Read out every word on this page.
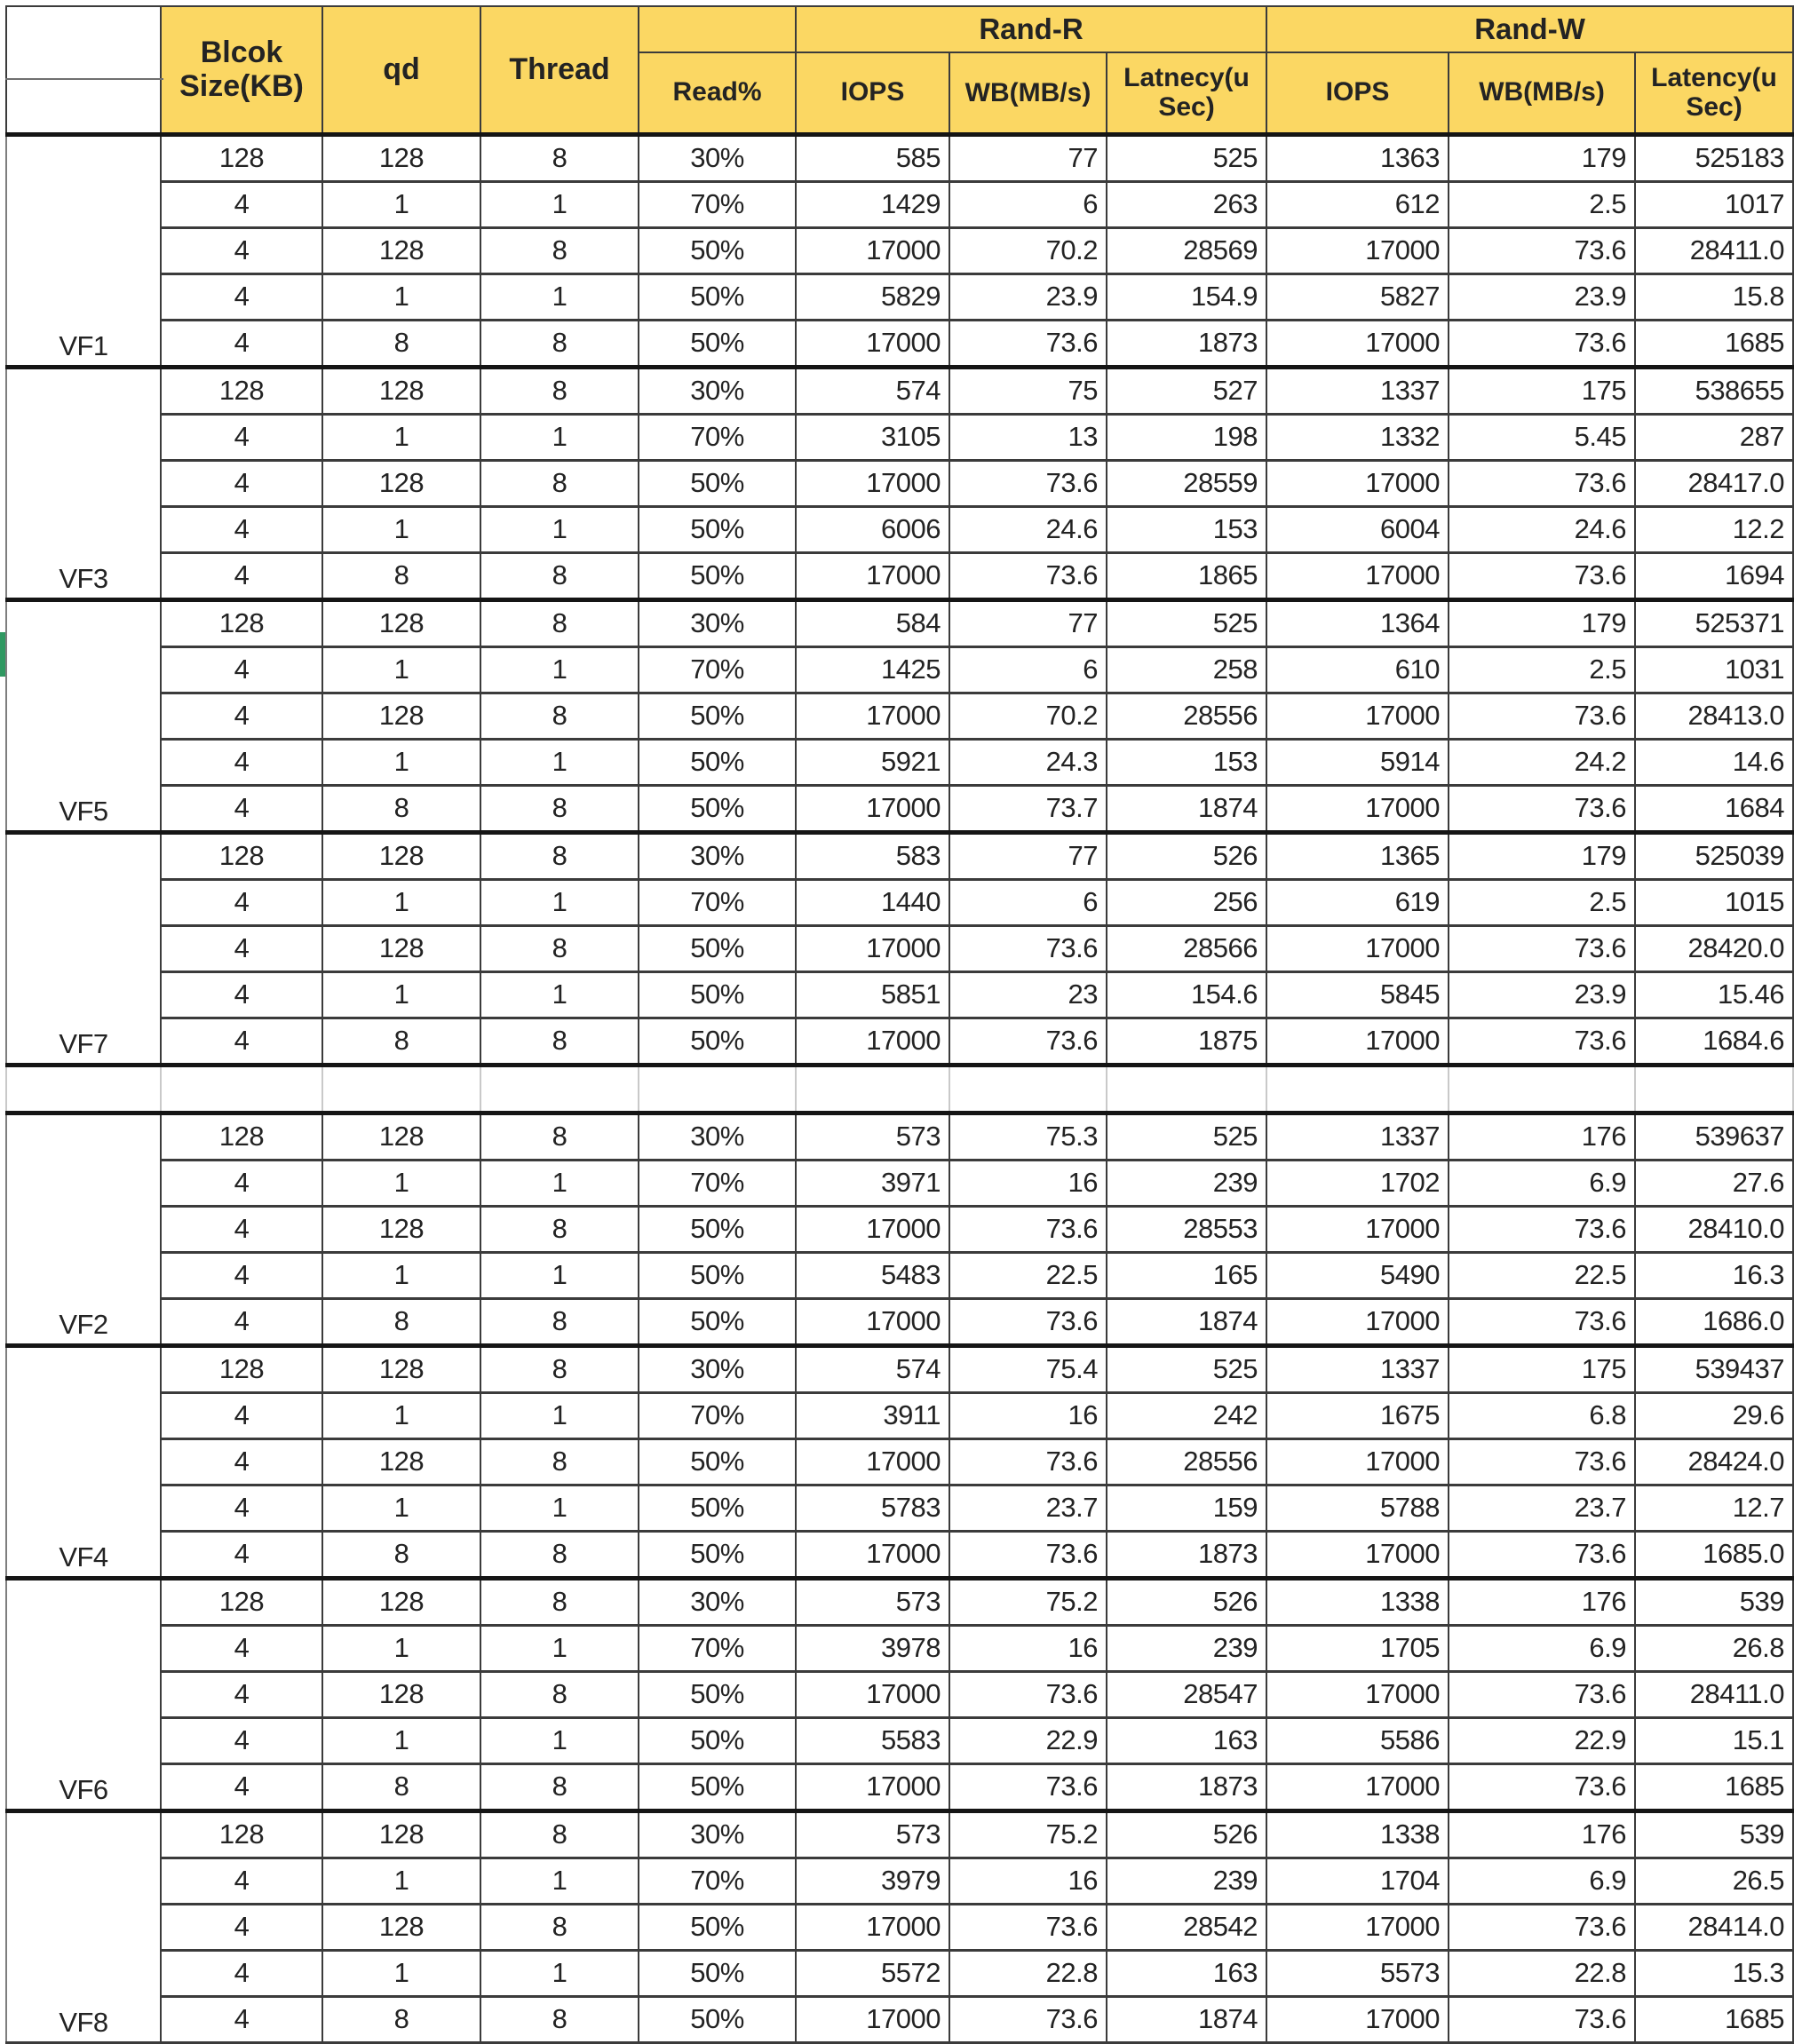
	Blcok Size(KB)	qd	Thread		Rand-R			Rand-W		
				Read%	IOPS	WB(MB/s)	Latnecy(uSec)	IOPS	WB(MB/s)	Latency(uSec)
VF1	128	128	8	30%	585	77	525	1363	179	525183
	4	1	1	70%	1429	6	263	612	2.5	1017
	4	128	8	50%	17000	70.2	28569	17000	73.6	28411.0
	4	1	1	50%	5829	23.9	154.9	5827	23.9	15.8
	4	8	8	50%	17000	73.6	1873	17000	73.6	1685
VF3	128	128	8	30%	574	75	527	1337	175	538655
	4	1	1	70%	3105	13	198	1332	5.45	287
	4	128	8	50%	17000	73.6	28559	17000	73.6	28417.0
	4	1	1	50%	6006	24.6	153	6004	24.6	12.2
	4	8	8	50%	17000	73.6	1865	17000	73.6	1694
VF5	128	128	8	30%	584	77	525	1364	179	525371
	4	1	1	70%	1425	6	258	610	2.5	1031
	4	128	8	50%	17000	70.2	28556	17000	73.6	28413.0
	4	1	1	50%	5921	24.3	153	5914	24.2	14.6
	4	8	8	50%	17000	73.7	1874	17000	73.6	1684
VF7	128	128	8	30%	583	77	526	1365	179	525039
	4	1	1	70%	1440	6	256	619	2.5	1015
	4	128	8	50%	17000	73.6	28566	17000	73.6	28420.0
	4	1	1	50%	5851	23	154.6	5845	23.9	15.46
	4	8	8	50%	17000	73.6	1875	17000	73.6	1684.6

VF2	128	128	8	30%	573	75.3	525	1337	176	539637
	4	1	1	70%	3971	16	239	1702	6.9	27.6
	4	128	8	50%	17000	73.6	28553	17000	73.6	28410.0
	4	1	1	50%	5483	22.5	165	5490	22.5	16.3
	4	8	8	50%	17000	73.6	1874	17000	73.6	1686.0
VF4	128	128	8	30%	574	75.4	525	1337	175	539437
	4	1	1	70%	3911	16	242	1675	6.8	29.6
	4	128	8	50%	17000	73.6	28556	17000	73.6	28424.0
	4	1	1	50%	5783	23.7	159	5788	23.7	12.7
	4	8	8	50%	17000	73.6	1873	17000	73.6	1685.0
VF6	128	128	8	30%	573	75.2	526	1338	176	539
	4	1	1	70%	3978	16	239	1705	6.9	26.8
	4	128	8	50%	17000	73.6	28547	17000	73.6	28411.0
	4	1	1	50%	5583	22.9	163	5586	22.9	15.1
	4	8	8	50%	17000	73.6	1873	17000	73.6	1685
VF8	128	128	8	30%	573	75.2	526	1338	176	539
	4	1	1	70%	3979	16	239	1704	6.9	26.5
	4	128	8	50%	17000	73.6	28542	17000	73.6	28414.0
	4	1	1	50%	5572	22.8	163	5573	22.8	15.3
	4	8	8	50%	17000	73.6	1874	17000	73.6	1685
